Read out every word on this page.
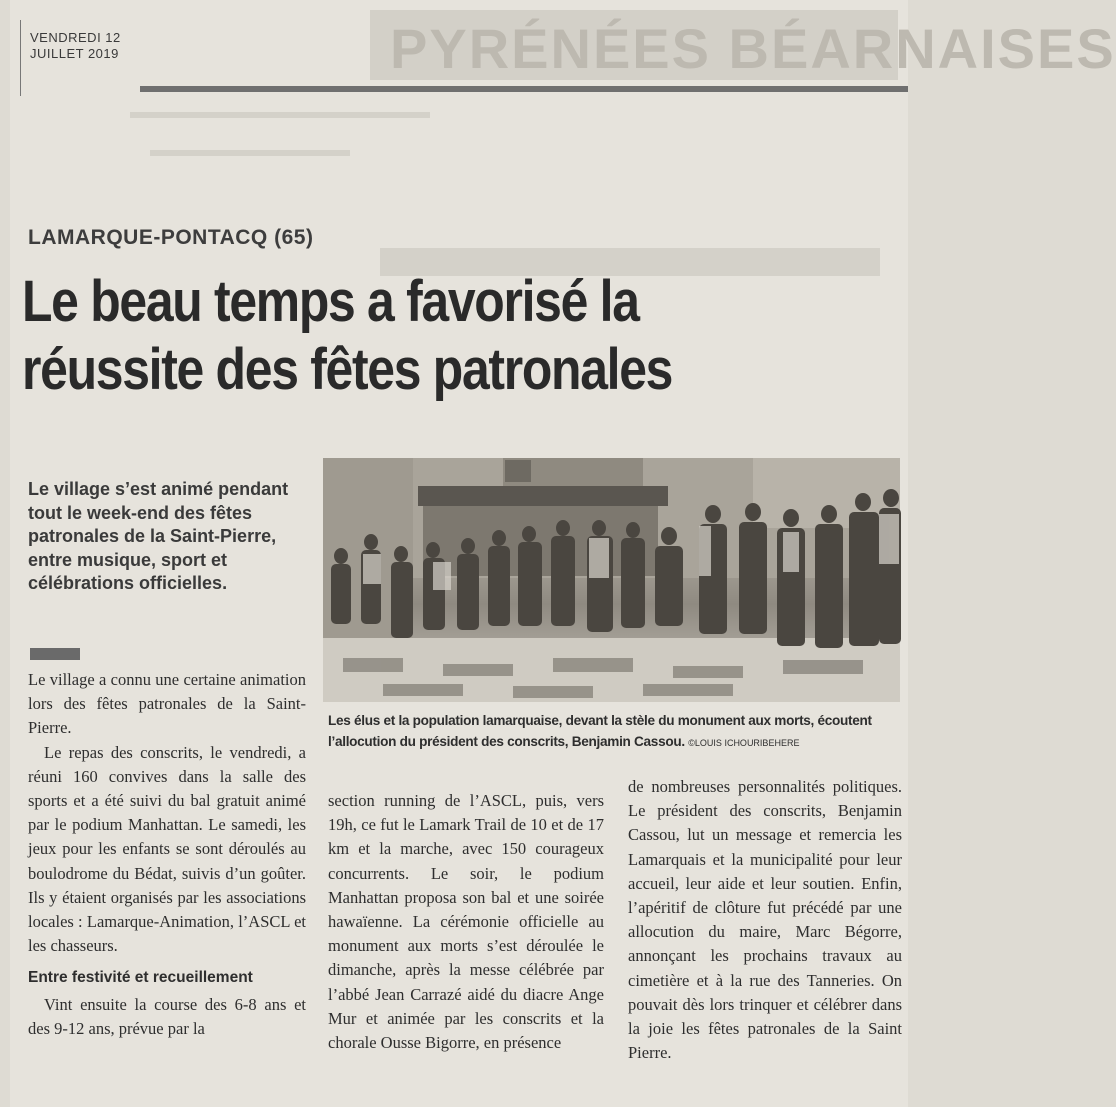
VENDREDI 12
JUILLET 2019	PYRÉNÉES BÉARNAISES
LAMARQUE-PONTACQ (65)
Le beau temps a favorisé la
réussite des fêtes patronales
Le village s’est animé pendant tout le week-end des fêtes patronales de la Saint-Pierre, entre musique, sport et célébrations officielles.
Les élus et la population lamarquaise, devant la stèle du monument aux morts, écoutent l’allocution du président des conscrits, Benjamin Cassou. ©LOUIS ICHOURIBEHERE

Le village a connu une certaine animation lors des fêtes patronales de la Saint-Pierre.

Le repas des conscrits, le vendredi, a réuni 160 convives dans la salle des sports et a été suivi du bal gratuit animé par le podium Manhattan. Le samedi, les jeux pour les enfants se sont déroulés au boulodrome du Bédat, suivis d’un goûter. Ils y étaient organisés par les associations locales : Lamarque-Animation, l’ASCL et les chasseurs.

Entre festivité et recueillement

Vint ensuite la course des 6-8 ans et des 9-12 ans, prévue par la

section running de l’ASCL, puis, vers 19h, ce fut le Lamark Trail de 10 et de 17 km et la marche, avec 150 courageux concurrents. Le soir, le podium Manhattan proposa son bal et une soirée hawaïenne. La cérémonie officielle au monument aux morts s’est déroulée le dimanche, après la messe célébrée par l’abbé Jean Carrazé aidé du diacre Ange Mur et animée par les conscrits et la chorale Ousse Bigorre, en présence

de nombreuses personnalités politiques. Le président des conscrits, Benjamin Cassou, lut un message et remercia les Lamarquais et la municipalité pour leur accueil, leur aide et leur soutien. Enfin, l’apéritif de clôture fut précédé par une allocution du maire, Marc Bégorre, annonçant les prochains travaux au cimetière et à la rue des Tanneries. On pouvait dès lors trinquer et célébrer dans la joie les fêtes patronales de la Saint Pierre.
